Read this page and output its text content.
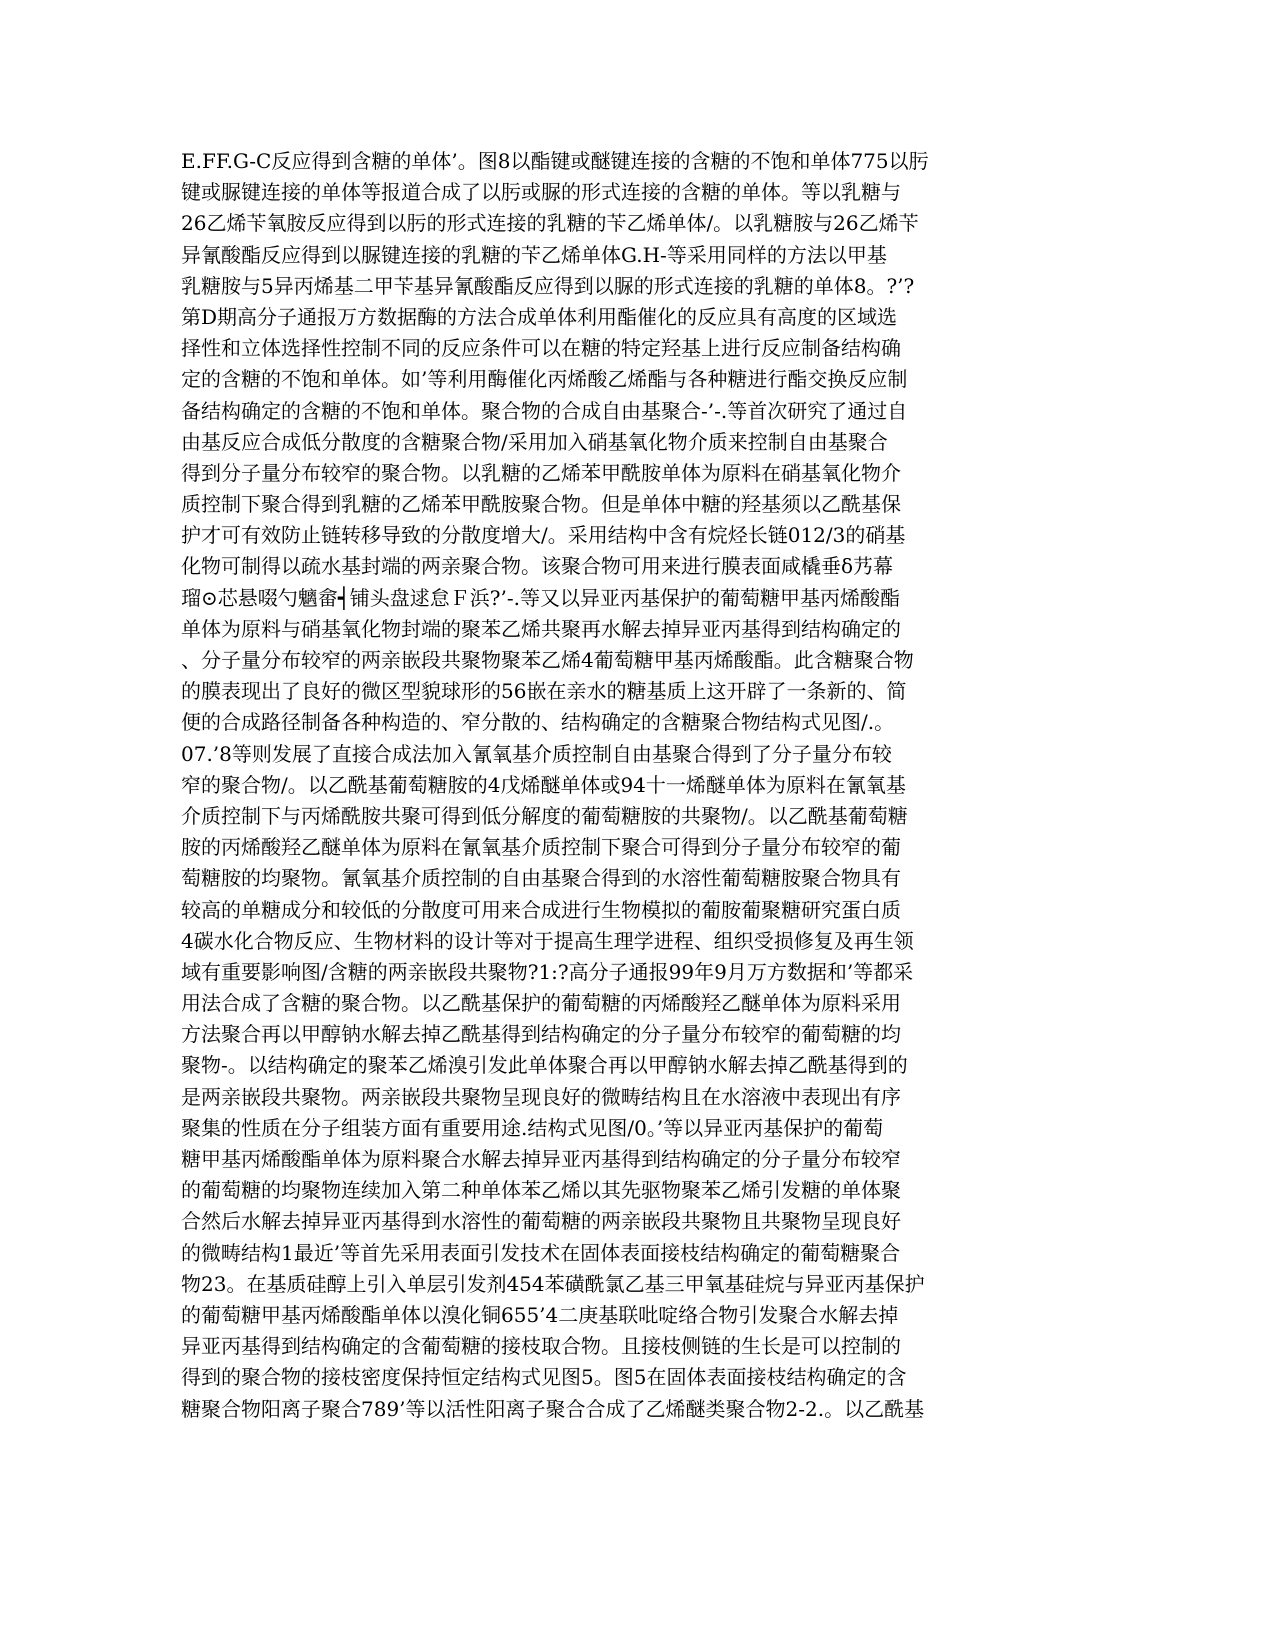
E.FF.G-C反应得到含糖的单体’。图8以酯键或醚键连接的含糖的不饱和单体775以肟
键或脲键连接的单体等报道合成了以肟或脲的形式连接的含糖的单体。等以乳糖与
26乙烯苄氧胺反应得到以肟的形式连接的乳糖的苄乙烯单体/。以乳糖胺与26乙烯苄
异氰酸酯反应得到以脲键连接的乳糖的苄乙烯单体G.H-等采用同样的方法以甲基
乳糖胺与5异丙烯基二甲苄基异氰酸酯反应得到以脲的形式连接的乳糖的单体8。?’?
第D期高分子通报万方数据酶的方法合成单体利用酯催化的反应具有高度的区域选
择性和立体选择性控制不同的反应条件可以在糖的特定羟基上进行反应制备结构确
定的含糖的不饱和单体。如’等利用酶催化丙烯酸乙烯酯与各种糖进行酯交换反应制
备结构确定的含糖的不饱和单体。聚合物的合成自由基聚合-’-.等首次研究了通过自
由基反应合成低分散度的含糖聚合物/采用加入硝基氧化物介质来控制自由基聚合
得到分子量分布较窄的聚合物。以乳糖的乙烯苯甲酰胺单体为原料在硝基氧化物介
质控制下聚合得到乳糖的乙烯苯甲酰胺聚合物。但是单体中糖的羟基须以乙酰基保
护才可有效防止链转移导致的分散度增大/。采用结构中含有烷烃长链012/3的硝基
化物可制得以疏水基封端的两亲聚合物。该聚合物可用来进行膜表面咸橇垂δ艿幕
瑠⊙芯悬啜勺魑畲┥铺头盘逑怠Ｆ浜?’-.等又以异亚丙基保护的葡萄糖甲基丙烯酸酯
单体为原料与硝基氧化物封端的聚苯乙烯共聚再水解去掉异亚丙基得到结构确定的
、分子量分布较窄的两亲嵌段共聚物聚苯乙烯4葡萄糖甲基丙烯酸酯。此含糖聚合物
的膜表现出了良好的微区型貌球形的56嵌在亲水的糖基质上这开辟了一条新的、简
便的合成路径制备各种构造的、窄分散的、结构确定的含糖聚合物结构式见图/.。
07.’8等则发展了直接合成法加入氰氧基介质控制自由基聚合得到了分子量分布较
窄的聚合物/。以乙酰基葡萄糖胺的4戊烯醚单体或94十一烯醚单体为原料在氰氧基
介质控制下与丙烯酰胺共聚可得到低分解度的葡萄糖胺的共聚物/。以乙酰基葡萄糖
胺的丙烯酸羟乙醚单体为原料在氰氧基介质控制下聚合可得到分子量分布较窄的葡
萄糖胺的均聚物。氰氧基介质控制的自由基聚合得到的水溶性葡萄糖胺聚合物具有
较高的单糖成分和较低的分散度可用来合成进行生物模拟的葡胺葡聚糖研究蛋白质
4碳水化合物反应、生物材料的设计等对于提高生理学进程、组织受损修复及再生领
域有重要影响图/含糖的两亲嵌段共聚物?1:?高分子通报99年9月万方数据和’等都采
用法合成了含糖的聚合物。以乙酰基保护的葡萄糖的丙烯酸羟乙醚单体为原料采用
方法聚合再以甲醇钠水解去掉乙酰基得到结构确定的分子量分布较窄的葡萄糖的均
聚物-。以结构确定的聚苯乙烯溴引发此单体聚合再以甲醇钠水解去掉乙酰基得到的
是两亲嵌段共聚物。两亲嵌段共聚物呈现良好的微畴结构且在水溶液中表现出有序
聚集的性质在分子组装方面有重要用途.结构式见图/0。’等以异亚丙基保护的葡萄
糖甲基丙烯酸酯单体为原料聚合水解去掉异亚丙基得到结构确定的分子量分布较窄
的葡萄糖的均聚物连续加入第二种单体苯乙烯以其先驱物聚苯乙烯引发糖的单体聚
合然后水解去掉异亚丙基得到水溶性的葡萄糖的两亲嵌段共聚物且共聚物呈现良好
的微畴结构1最近’等首先采用表面引发技术在固体表面接枝结构确定的葡萄糖聚合
物23。在基质硅醇上引入单层引发剂454苯磺酰氯乙基三甲氧基硅烷与异亚丙基保护
的葡萄糖甲基丙烯酸酯单体以溴化铜655’4二庚基联吡啶络合物引发聚合水解去掉
异亚丙基得到结构确定的含葡萄糖的接枝取合物。且接枝侧链的生长是可以控制的
得到的聚合物的接枝密度保持恒定结构式见图5。图5在固体表面接枝结构确定的含
糖聚合物阳离子聚合789’等以活性阳离子聚合合成了乙烯醚类聚合物2-2.。以乙酰基
